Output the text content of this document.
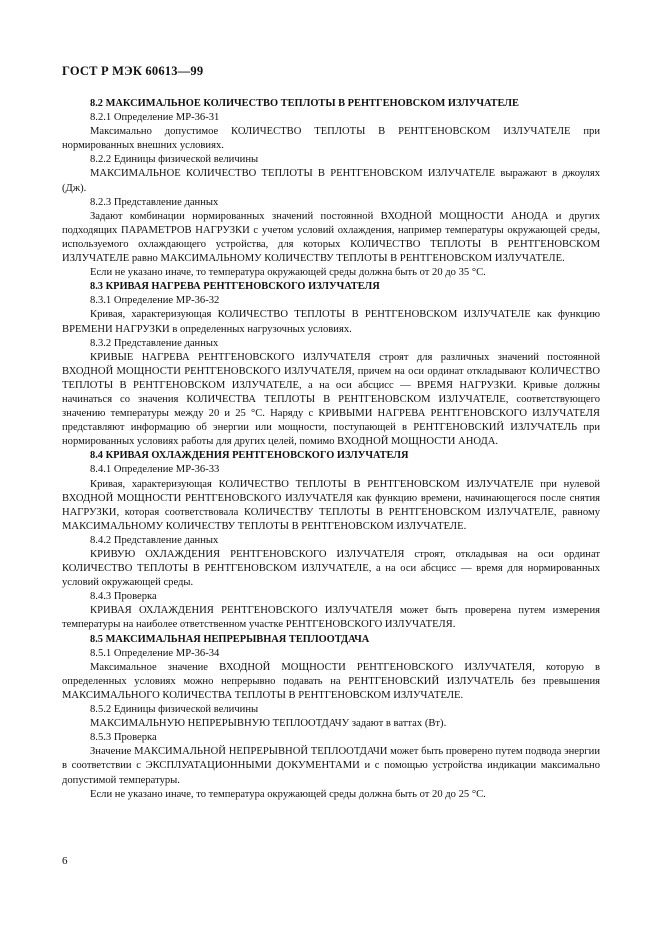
ГОСТ Р МЭК 60613—99

8.2 МАКСИМАЛЬНОЕ КОЛИЧЕСТВО ТЕПЛОТЫ В РЕНТГЕНОВСКОМ ИЗЛУЧАТЕЛЕ

8.2.1 Определение МР-36-31

Максимально допустимое КОЛИЧЕСТВО ТЕПЛОТЫ В РЕНТГЕНОВСКОМ ИЗЛУЧАТЕЛЕ при нормированных внешних условиях.

8.2.2 Единицы физической величины

МАКСИМАЛЬНОЕ КОЛИЧЕСТВО ТЕПЛОТЫ В РЕНТГЕНОВСКОМ ИЗЛУЧАТЕЛЕ выражают в джоулях (Дж).

8.2.3 Представление данных

Задают комбинации нормированных значений постоянной ВХОДНОЙ МОЩНОСТИ АНОДА и других подходящих ПАРАМЕТРОВ НАГРУЗКИ с учетом условий охлаждения, например температуры окружающей среды, используемого охлаждающего устройства, для которых КОЛИЧЕСТВО ТЕПЛОТЫ В РЕНТГЕНОВСКОМ ИЗЛУЧАТЕЛЕ равно МАКСИМАЛЬНОМУ КОЛИЧЕСТВУ ТЕПЛОТЫ В РЕНТГЕНОВСКОМ ИЗЛУЧАТЕЛЕ.

Если не указано иначе, то температура окружающей среды должна быть от 20 до 35 °С.

8.3 КРИВАЯ НАГРЕВА РЕНТГЕНОВСКОГО ИЗЛУЧАТЕЛЯ

8.3.1 Определение МР-36-32

Кривая, характеризующая КОЛИЧЕСТВО ТЕПЛОТЫ В РЕНТГЕНОВСКОМ ИЗЛУЧАТЕЛЕ как функцию ВРЕМЕНИ НАГРУЗКИ в определенных нагрузочных условиях.

8.3.2 Представление данных

КРИВЫЕ НАГРЕВА РЕНТГЕНОВСКОГО ИЗЛУЧАТЕЛЯ строят для различных значений постоянной ВХОДНОЙ МОЩНОСТИ РЕНТГЕНОВСКОГО ИЗЛУЧАТЕЛЯ, причем на оси ординат откладывают КОЛИЧЕСТВО ТЕПЛОТЫ В РЕНТГЕНОВСКОМ ИЗЛУЧАТЕЛЕ, а на оси абсцисс — ВРЕМЯ НАГРУЗКИ. Кривые должны начинаться со значения КОЛИЧЕСТВА ТЕПЛОТЫ В РЕНТГЕНОВСКОМ ИЗЛУЧАТЕЛЕ, соответствующего значению температуры между 20 и 25 °С. Наряду с КРИВЫМИ НАГРЕВА РЕНТГЕНОВСКОГО ИЗЛУЧАТЕЛЯ представляют информацию об энергии или мощности, поступающей в РЕНТГЕНОВСКИЙ ИЗЛУЧАТЕЛЬ при нормированных условиях работы для других целей, помимо ВХОДНОЙ МОЩНОСТИ АНОДА.

8.4 КРИВАЯ ОХЛАЖДЕНИЯ РЕНТГЕНОВСКОГО ИЗЛУЧАТЕЛЯ

8.4.1 Определение МР-36-33

Кривая, характеризующая КОЛИЧЕСТВО ТЕПЛОТЫ В РЕНТГЕНОВСКОМ ИЗЛУЧАТЕЛЕ при нулевой ВХОДНОЙ МОЩНОСТИ РЕНТГЕНОВСКОГО ИЗЛУЧАТЕЛЯ как функцию времени, начинающегося после снятия НАГРУЗКИ, которая соответствовала КОЛИЧЕСТВУ ТЕПЛОТЫ В РЕНТГЕНОВСКОМ ИЗЛУЧАТЕЛЕ, равному МАКСИМАЛЬНОМУ КОЛИЧЕСТВУ ТЕПЛОТЫ В РЕНТГЕНОВСКОМ ИЗЛУЧАТЕЛЕ.

8.4.2 Представление данных

КРИВУЮ ОХЛАЖДЕНИЯ РЕНТГЕНОВСКОГО ИЗЛУЧАТЕЛЯ строят, откладывая на оси ординат КОЛИЧЕСТВО ТЕПЛОТЫ В РЕНТГЕНОВСКОМ ИЗЛУЧАТЕЛЕ, а на оси абсцисс — время для нормированных условий окружающей среды.

8.4.3 Проверка

КРИВАЯ ОХЛАЖДЕНИЯ РЕНТГЕНОВСКОГО ИЗЛУЧАТЕЛЯ может быть проверена путем измерения температуры на наиболее ответственном участке РЕНТГЕНОВСКОГО ИЗЛУЧАТЕЛЯ.

8.5 МАКСИМАЛЬНАЯ НЕПРЕРЫВНАЯ ТЕПЛООТДАЧА

8.5.1 Определение МР-36-34

Максимальное значение ВХОДНОЙ МОЩНОСТИ РЕНТГЕНОВСКОГО ИЗЛУЧАТЕЛЯ, которую в определенных условиях можно непрерывно подавать на РЕНТГЕНОВСКИЙ ИЗЛУЧАТЕЛЬ без превышения МАКСИМАЛЬНОГО КОЛИЧЕСТВА ТЕПЛОТЫ В РЕНТГЕНОВСКОМ ИЗЛУЧАТЕЛЕ.

8.5.2 Единицы физической величины

МАКСИМАЛЬНУЮ НЕПРЕРЫВНУЮ ТЕПЛООТДАЧУ задают в ваттах (Вт).

8.5.3 Проверка

Значение МАКСИМАЛЬНОЙ НЕПРЕРЫВНОЙ ТЕПЛООТДАЧИ может быть проверено путем подвода энергии в соответствии с ЭКСПЛУАТАЦИОННЫМИ ДОКУМЕНТАМИ и с помощью устройства индикации максимально допустимой температуры.

Если не указано иначе, то температура окружающей среды должна быть от 20 до 25 °С.

6
